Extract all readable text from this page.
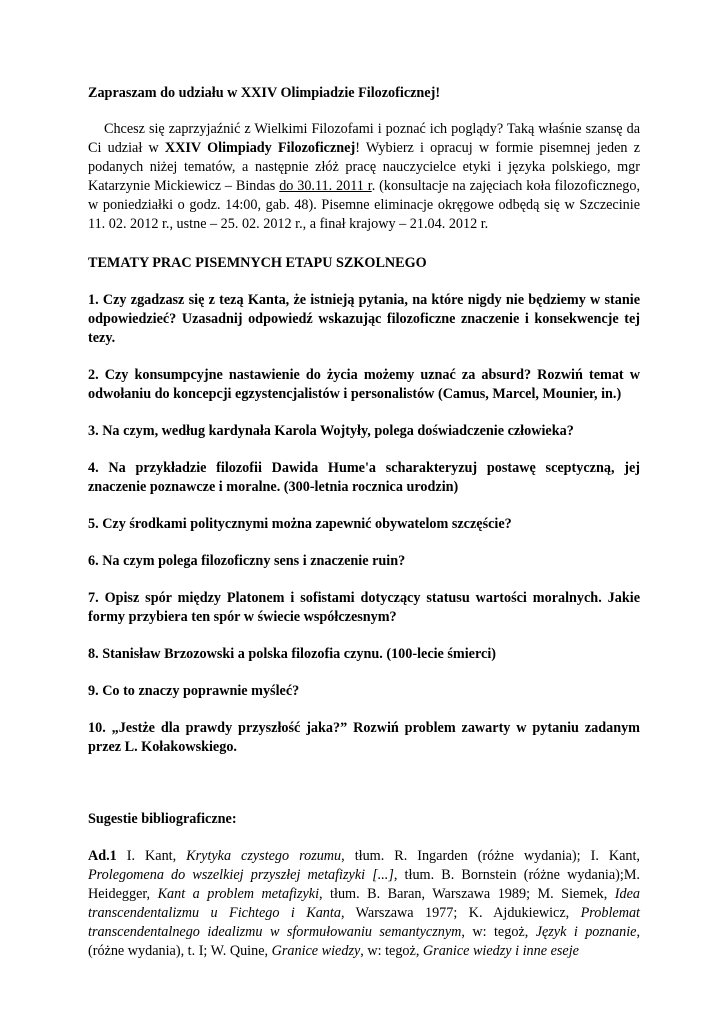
Zapraszam do udziału w XXIV Olimpiadzie Filozoficznej!

Chcesz się zaprzyjaźnić z Wielkimi Filozofami i poznać ich poglądy? Taką właśnie szansę da Ci udział w XXIV Olimpiady Filozoficznej! Wybierz i opracuj w formie pisemnej jeden z podanych niżej tematów, a następnie złóż pracę nauczycielce etyki i języka polskiego, mgr Katarzynie Mickiewicz – Bindas do 30.11. 2011 r. (konsultacje na zajęciach koła filozoficznego, w poniedziałki o godz. 14:00, gab. 48). Pisemne eliminacje okręgowe odbędą się w Szczecinie 11. 02. 2012 r., ustne – 25. 02. 2012 r., a finał krajowy – 21.04. 2012 r.

TEMATY PRAC PISEMNYCH ETAPU SZKOLNEGO

1. Czy zgadzasz się z tezą Kanta, że istnieją pytania, na które nigdy nie będziemy w stanie odpowiedzieć? Uzasadnij odpowiedź wskazując filozoficzne znaczenie i konsekwencje tej tezy.

2. Czy konsumpcyjne nastawienie do życia możemy uznać za absurd? Rozwiń temat w odwołaniu do koncepcji egzystencjalistów i personalistów (Camus, Marcel, Mounier, in.)

3. Na czym, według kardynała Karola Wojtyły, polega doświadczenie człowieka?

4. Na przykładzie filozofii Dawida Hume'a scharakteryzuj postawę sceptyczną, jej znaczenie poznawcze i moralne. (300-letnia rocznica urodzin)

5. Czy środkami politycznymi można zapewnić obywatelom szczęście?

6. Na czym polega filozoficzny sens i znaczenie ruin?

7. Opisz spór między Platonem i sofistami dotyczący statusu wartości moralnych. Jakie formy przybiera ten spór w świecie współczesnym?

8. Stanisław Brzozowski a polska filozofia czynu. (100-lecie śmierci)

9. Co to znaczy poprawnie myśleć?

10. „Jestże dla prawdy przyszłość jaka?” Rozwiń problem zawarty w pytaniu zadanym przez L. Kołakowskiego.

Sugestie bibliograficzne:

Ad.1 I. Kant, Krytyka czystego rozumu, tłum. R. Ingarden (różne wydania); I. Kant, Prolegomena do wszelkiej przyszłej metafizyki [...], tłum. B. Bornstein (różne wydania);M. Heidegger, Kant a problem metafizyki, tłum. B. Baran, Warszawa 1989; M. Siemek, Idea transcendentalizmu u Fichtego i Kanta, Warszawa 1977; K. Ajdukiewicz, Problemat transcendentalnego idealizmu w sformułowaniu semantycznym, w: tegoż, Język i poznanie, (różne wydania), t. I; W. Quine, Granice wiedzy, w: tegoż, Granice wiedzy i inne eseje
